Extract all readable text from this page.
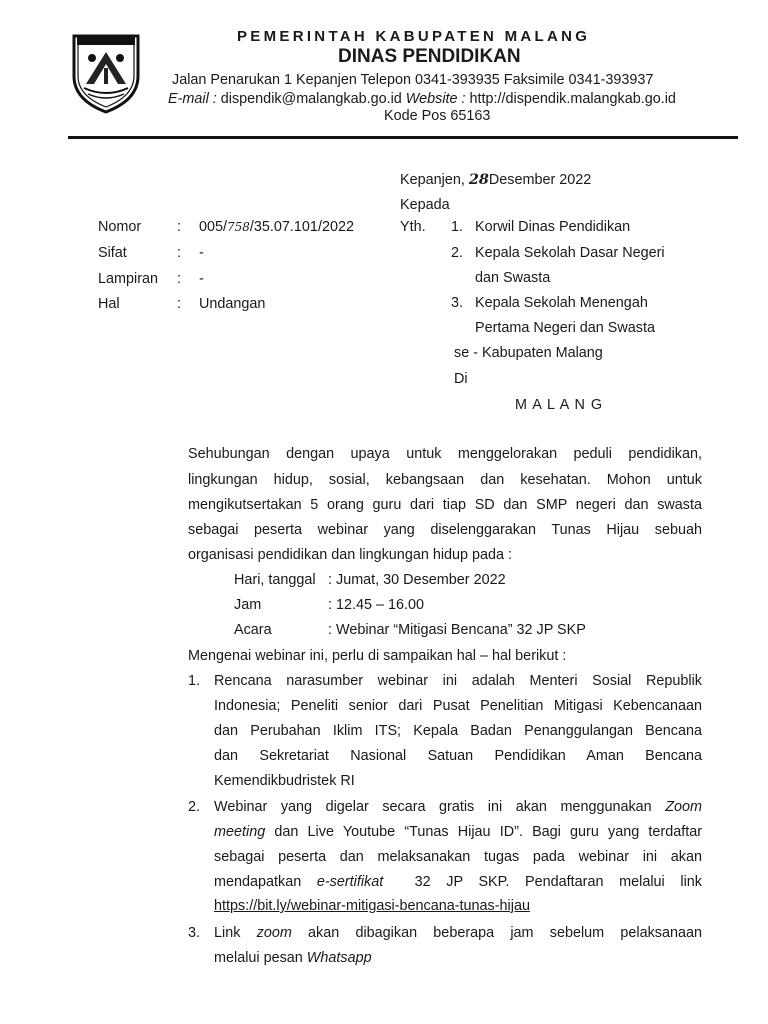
KAB. PATEN MALANG	PEMERINTAH KABUPATEN MALANG
DINAS PENDIDIKAN
Jalan Penarukan 1 Kepanjen Telepon 0341-393935 Faksimile 0341-393937
E-mail : dispendik@malangkab.go.id Website : http://dispendik.malangkab.go.id
Kode Pos 65163
Kepanjen, 28Desember 2022
Nomor : 005/758/35.07.101/2022
Sifat	: -
Lampiran : -
Hal	: Undangan
Kepada
Yth. 1. Korwil Dinas Pendidikan
2. Kepala Sekolah Dasar Negeri
dan Swasta
3. Kepala Sekolah Menengah
Pertama Negeri dan Swasta
se - Kabupaten Malang
Di
M A L A N G
Sehubungan dengan upaya untuk menggelorakan peduli pendidikan,
lingkungan hidup, sosial, kebangsaan dan kesehatan. Mohon untuk
mengikutsertakan 5 orang guru dari tiap SD dan SMP negeri dan swasta
sebagai peserta webinar yang diselenggarakan Tunas Hijau sebuah
organisasi pendidikan dan lingkungan hidup pada :
Hari, tanggal : Jumat, 30 Desember 2022
Jam	: 12.45 – 16.00
Acara	: Webinar “Mitigasi Bencana” 32 JP SKP
Mengenai webinar ini, perlu di sampaikan hal – hal berikut :
1. Rencana narasumber webinar ini adalah Menteri Sosial Republik
Indonesia; Peneliti senior dari Pusat Penelitian Mitigasi Kebencanaan
dan Perubahan Iklim ITS; Kepala Badan Penanggulangan Bencana
dan Sekretariat Nasional Satuan Pendidikan Aman Bencana
Kemendikbudristek RI
2. Webinar yang digelar secara gratis ini akan menggunakan Zoom
meeting dan Live Youtube “Tunas Hijau ID”. Bagi guru yang terdaftar
sebagai peserta dan melaksanakan tugas pada webinar ini akan
mendapatkan e-sertifikat  32 JP SKP. Pendaftaran melalui link
https://bit.ly/webinar-mitigasi-bencana-tunas-hijau
3. Link zoom akan dibagikan beberapa jam sebelum pelaksanaan
melalui pesan Whatsapp
